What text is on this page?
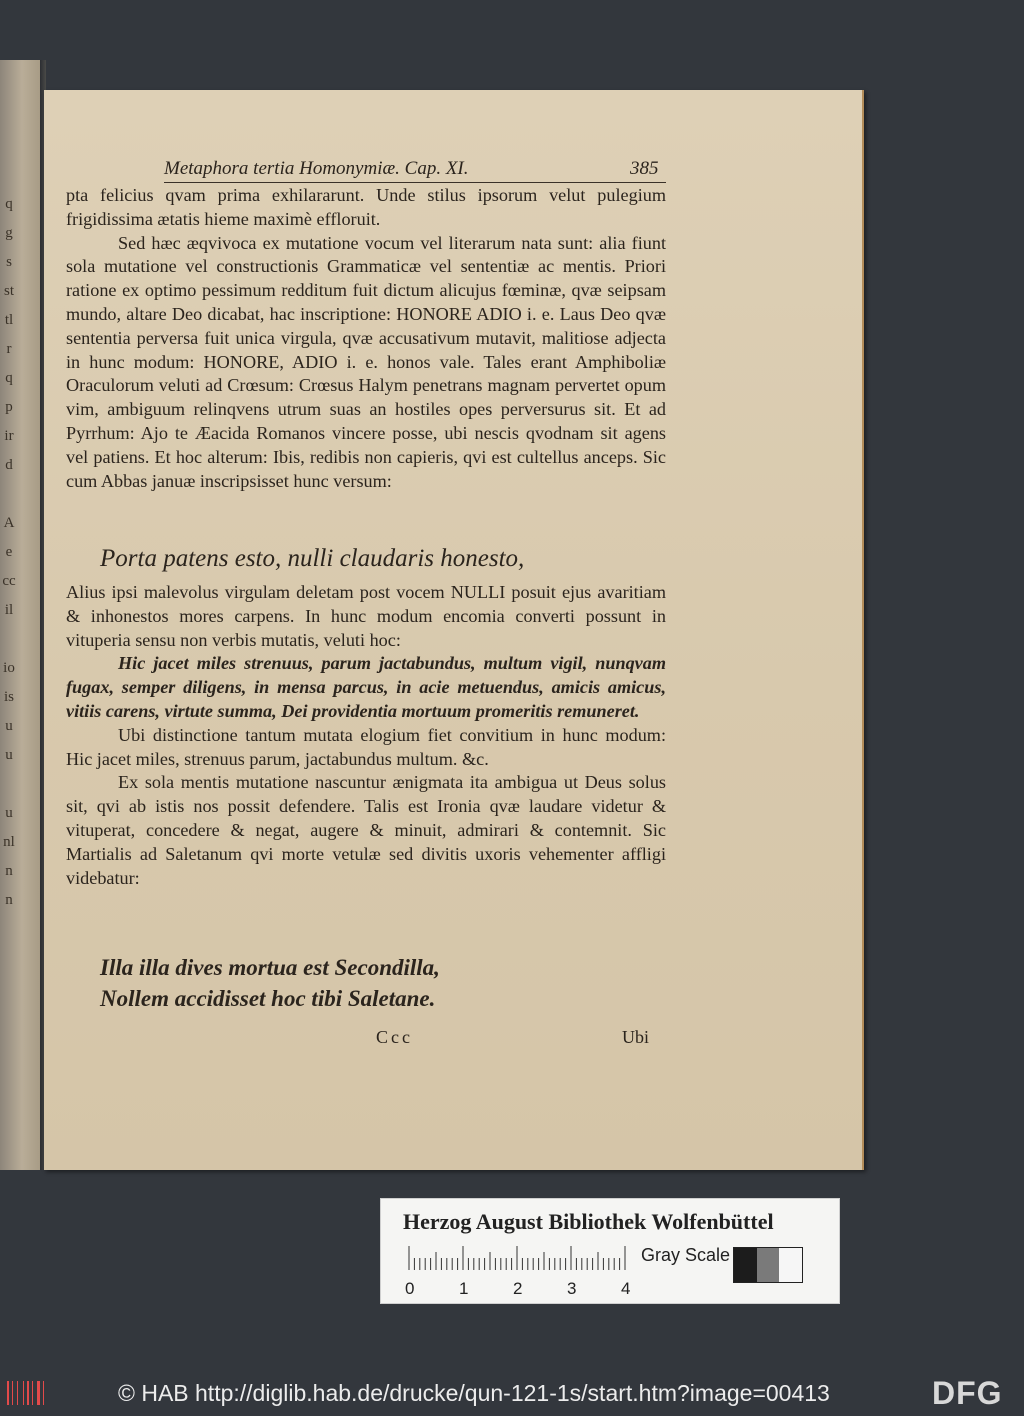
q
g
s
st
tl
r
q
p
ir
d

A
e
cc
il

io
is
u
u

u
nl
n
n
Metaphora tertia Homonymiæ. Cap. XI.	385

pta felicius qvam prima exhilararunt. Unde stilus ipsorum velut pulegium frigidissima ætatis hieme maximè effloruit.

Sed hæc æqvivoca ex mutatione vocum vel literarum nata sunt: alia fiunt sola mutatione vel constructionis Grammaticæ vel sententiæ ac mentis. Priori ratione ex optimo pessimum redditum fuit dictum alicujus fœminæ, qvæ seipsam mundo, altare Deo dicabat, hac inscriptione: HONORE ADIO i. e. Laus Deo qvæ sententia perversa fuit unica virgula, qvæ accusativum mutavit, malitiose adjecta in hunc modum: HONORE, ADIO i. e. honos vale. Tales erant Amphiboliæ Oraculorum veluti ad Crœsum: Crœsus Halym penetrans magnam pervertet opum vim, ambiguum relinqvens utrum suas an hostiles opes perversurus sit. Et ad Pyrrhum: Ajo te Æacida Romanos vincere posse, ubi nescis qvodnam sit agens vel patiens. Et hoc alterum: Ibis, redibis non capieris, qvi est cultellus anceps. Sic cum Abbas januæ inscripsisset hunc versum:

Porta patens esto, nulli claudaris honesto,

Alius ipsi malevolus virgulam deletam post vocem NULLI posuit ejus avaritiam & inhonestos mores carpens. In hunc modum encomia converti possunt in vituperia sensu non verbis mutatis, veluti hoc:

Hic jacet miles strenuus, parum jactabundus, multum vigil, nunqvam fugax, semper diligens, in mensa parcus, in acie metuendus, amicis amicus, vitiis carens, virtute summa, Dei providentia mortuum promeritis remuneret.

Ubi distinctione tantum mutata elogium fiet convitium in hunc modum: Hic jacet miles, strenuus parum, jactabundus multum. &c.

Ex sola mentis mutatione nascuntur ænigmata ita ambigua ut Deus solus sit, qvi ab istis nos possit defendere. Talis est Ironia qvæ laudare videtur & vituperat, concedere & negat, augere & minuit, admirari & contemnit. Sic Martialis ad Saletanum qvi morte vetulæ sed divitis uxoris vehementer affligi videbatur:

Illa illa dives mortua est Secondilla,
Nollem accidisset hoc tibi Saletane.
Ccc	Ubi
Herzog August Bibliothek Wolfenbüttel
0	1	2	3	4
Gray Scale
© HAB http://diglib.hab.de/drucke/qun-121-1s/start.htm?image=00413	DFG
